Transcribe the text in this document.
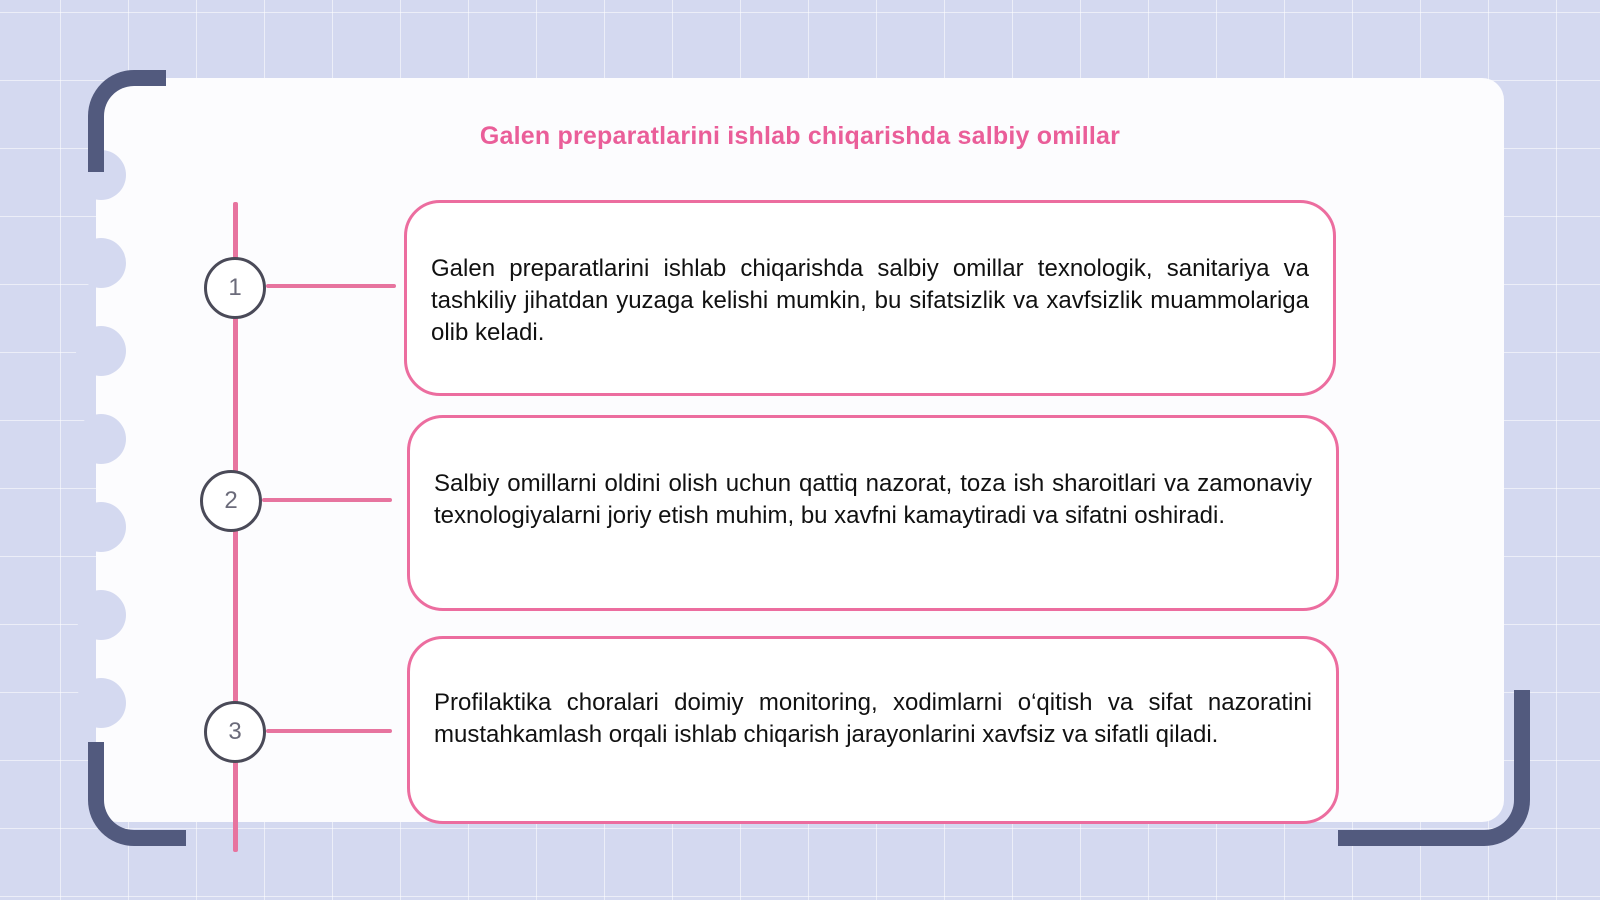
Galen preparatlarini ishlab chiqarishda salbiy omillar
1
2
3

Galen preparatlarini ishlab chiqarishda salbiy omillar texnologik, sanitariya va tashkiliy jihatdan yuzaga kelishi mumkin, bu sifatsizlik va xavfsizlik muammolariga olib keladi.

Salbiy omillarni oldini olish uchun qattiq nazorat, toza ish sharoitlari va zamonaviy texnologiyalarni joriy etish muhim, bu xavfni kamaytiradi va sifatni oshiradi.

Profilaktika choralari doimiy monitoring, xodimlarni o‘qitish va sifat nazoratini mustahkamlash orqali ishlab chiqarish jarayonlarini xavfsiz va sifatli qiladi.
